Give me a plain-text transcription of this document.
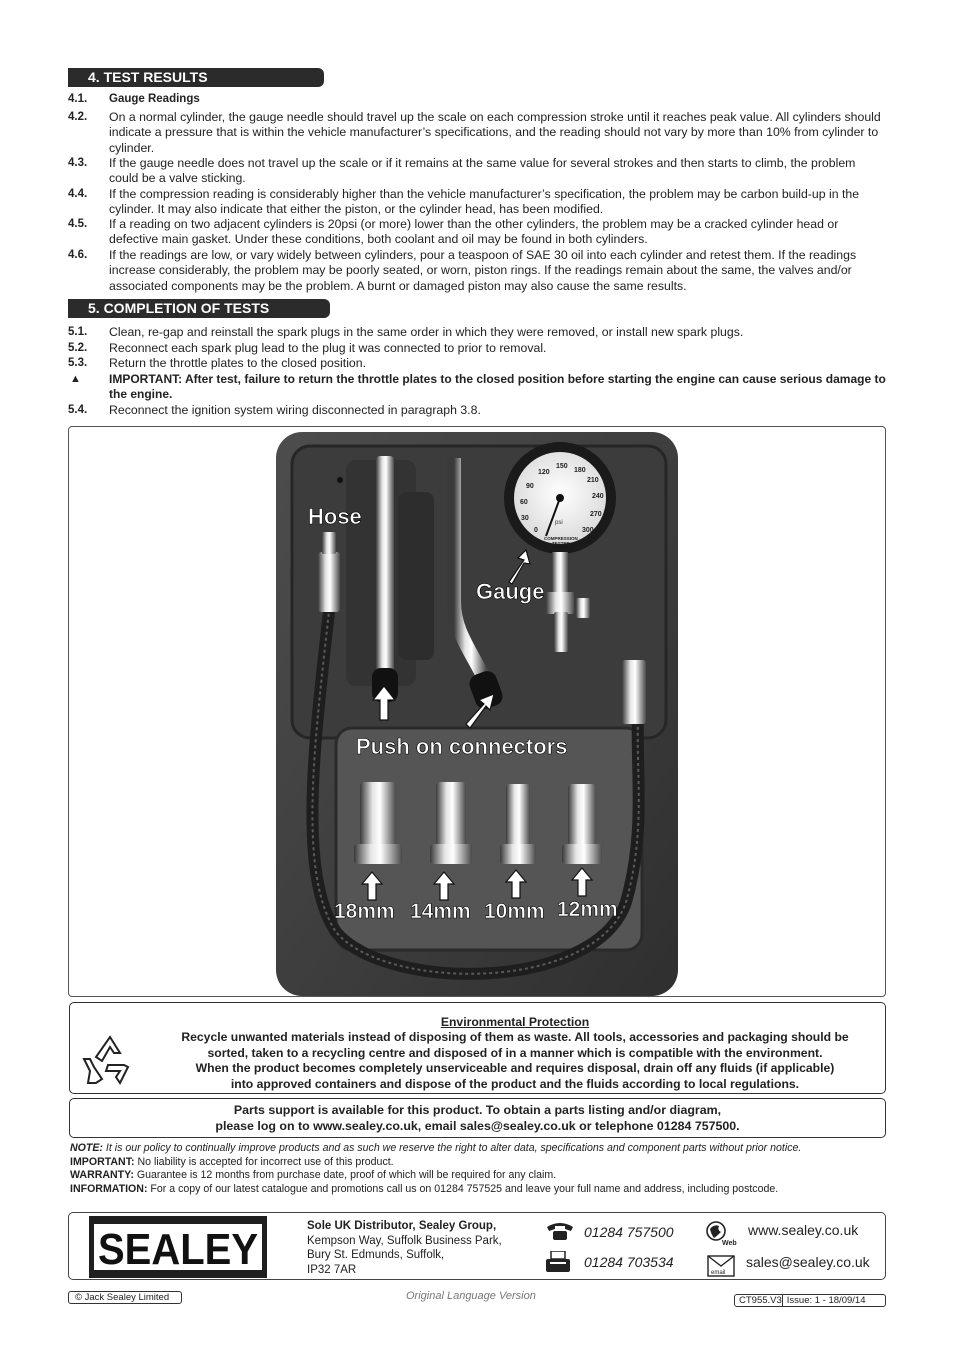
4. TEST RESULTS
4.1. Gauge Readings
4.2. On a normal cylinder, the gauge needle should travel up the scale on each compression stroke until it reaches peak value. All cylinders should indicate a pressure that is within the vehicle manufacturer’s specifications, and the reading should not vary by more than 10% from cylinder to cylinder.
4.3. If the gauge needle does not travel up the scale or if it remains at the same value for several strokes and then starts to climb, the problem could be a valve sticking.
4.4. If the compression reading is considerably higher than the vehicle manufacturer’s specification, the problem may be carbon build-up in the cylinder. It may also indicate that either the piston, or the cylinder head, has been modified.
4.5. If a reading on two adjacent cylinders is 20psi (or more) lower than the other cylinders, the problem may be a cracked cylinder head or defective main gasket. Under these conditions, both coolant and oil may be found in both cylinders.
4.6. If the readings are low, or vary widely between cylinders, pour a teaspoon of SAE 30 oil into each cylinder and retest them. If the readings increase considerably, the problem may be poorly seated, or worn, piston rings. If the readings remain about the same, the valves and/or associated components may be the problem. A burnt or damaged piston may also cause the same results.
5. COMPLETION OF TESTS
5.1. Clean, re-gap and reinstall the spark plugs in the same order in which they were removed, or install new spark plugs.
5.2. Reconnect each spark plug lead to the plug it was connected to prior to removal.
5.3. Return the throttle plates to the closed position.
▲ IMPORTANT: After test, failure to return the throttle plates to the closed position before starting the engine can cause serious damage to the engine.
5.4. Reconnect the ignition system wiring disconnected in paragraph 3.8.
0
30
60
90
120
150
180
210
240
270
300
psi
COMPRESSION
TESTER
Hose
Gauge
Push on connectors
18mm 14mm 10mm 12mm
Environmental Protection
Recycle unwanted materials instead of disposing of them as waste. All tools, accessories and packaging should be
sorted, taken to a recycling centre and disposed of in a manner which is compatible with the environment.
When the product becomes completely unserviceable and requires disposal, drain off any fluids (if applicable)
into approved containers and dispose of the product and the fluids according to local regulations.
Parts support is available for this product. To obtain a parts listing and/or diagram,
please log on to www.sealey.co.uk, email sales@sealey.co.uk or telephone 01284 757500.
NOTE: It is our policy to continually improve products and as such we reserve the right to alter data, specifications and component parts without prior notice.
IMPORTANT: No liability is accepted for incorrect use of this product.
WARRANTY: Guarantee is 12 months from purchase date, proof of which will be required for any claim.
INFORMATION: For a copy of our latest catalogue and promotions call us on 01284 757525 and leave your full name and address, including postcode.
SEALEY	Sole UK Distributor, Sealey Group,
Kempson Way, Suffolk Business Park,
Bury St. Edmunds, Suffolk,
IP32 7AR
01284 757500
01284 703534
Web
www.sealey.co.uk
email
sales@sealey.co.uk
© Jack Sealey Limited	Original Language Version	CT955.V3 Issue: 1 - 18/09/14
